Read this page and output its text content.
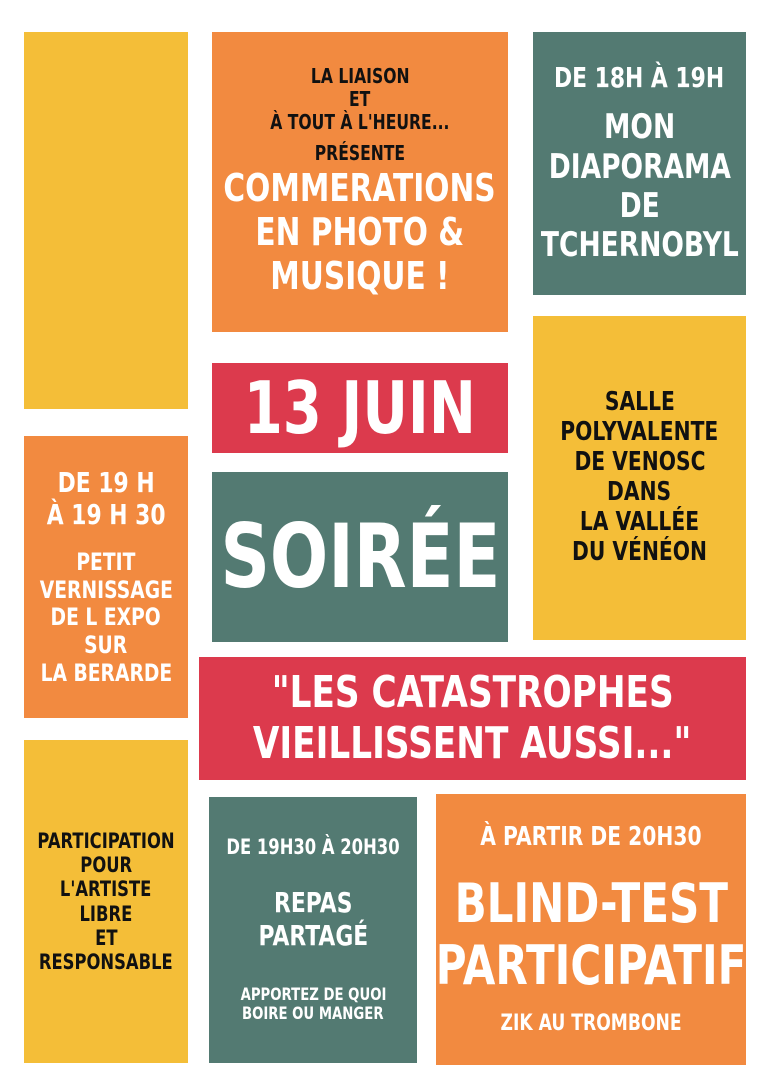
LA LIAISON
ET
À TOUT À L'HEURE...
PRÉSENTE
COMMERATIONS
EN PHOTO &
MUSIQUE !
DE 18H À 19H
MON
DIAPORAMA
DE
TCHERNOBYL
13 JUIN	SALLE
POLYVALENTE
DE VENOSC
DANS
LA VALLÉE
DU VÉNÉON
DE 19 H
À 19 H 30
PETIT
VERNISSAGE
DE L EXPO
SUR
LA BERARDE
SOIRÉE
"LES CATASTROPHES
VIEILLISSENT AUSSI..."
PARTICIPATION
POUR
L'ARTISTE
LIBRE
ET
RESPONSABLE
DE 19H30 À 20H30
REPAS
PARTAGÉ
APPORTEZ DE QUOI
BOIRE OU MANGER
À PARTIR DE 20H30
BLIND-TEST
PARTICIPATIF
ZIK AU TROMBONE
